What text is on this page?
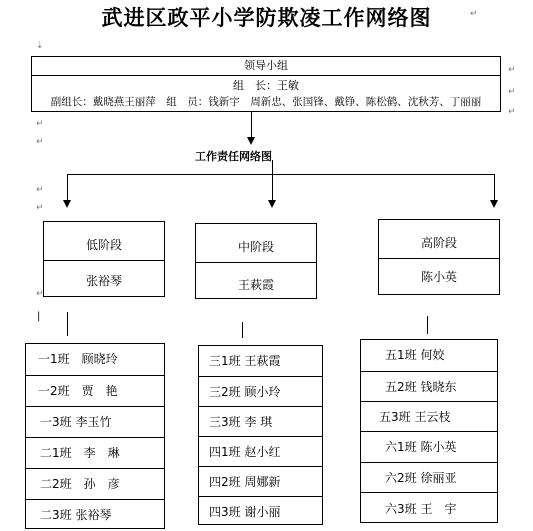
武进区政平小学防欺凌工作网络图	↵
⇣
↵
↵
↵
↵
↵
↵
↵
↵
领导小组
组　长：王敏
副组长：戴晓燕王丽萍　组　员：钱新宇　周新忠、张国锋、戴铮、陈松鹤、沈秋芳、丁丽丽
工作责任网络图
低阶段
张裕琴
中阶段
王萩霞
高阶段
陈小英
|
一1班　顾晓玲
一2班　贾　艳
一3班 李玉竹
二1班　李　琳
二2班　孙　彦
二3班 张裕琴
三1班 王萩霞
三2班 顾小玲
三3班 李 琪
四1班 赵小红
四2班 周娜新
四3班 谢小丽
五1班 何姣
五2班 钱晓东
五3班 王云枝
六1班 陈小英
六2班 徐丽亚
六3班 王　宇
